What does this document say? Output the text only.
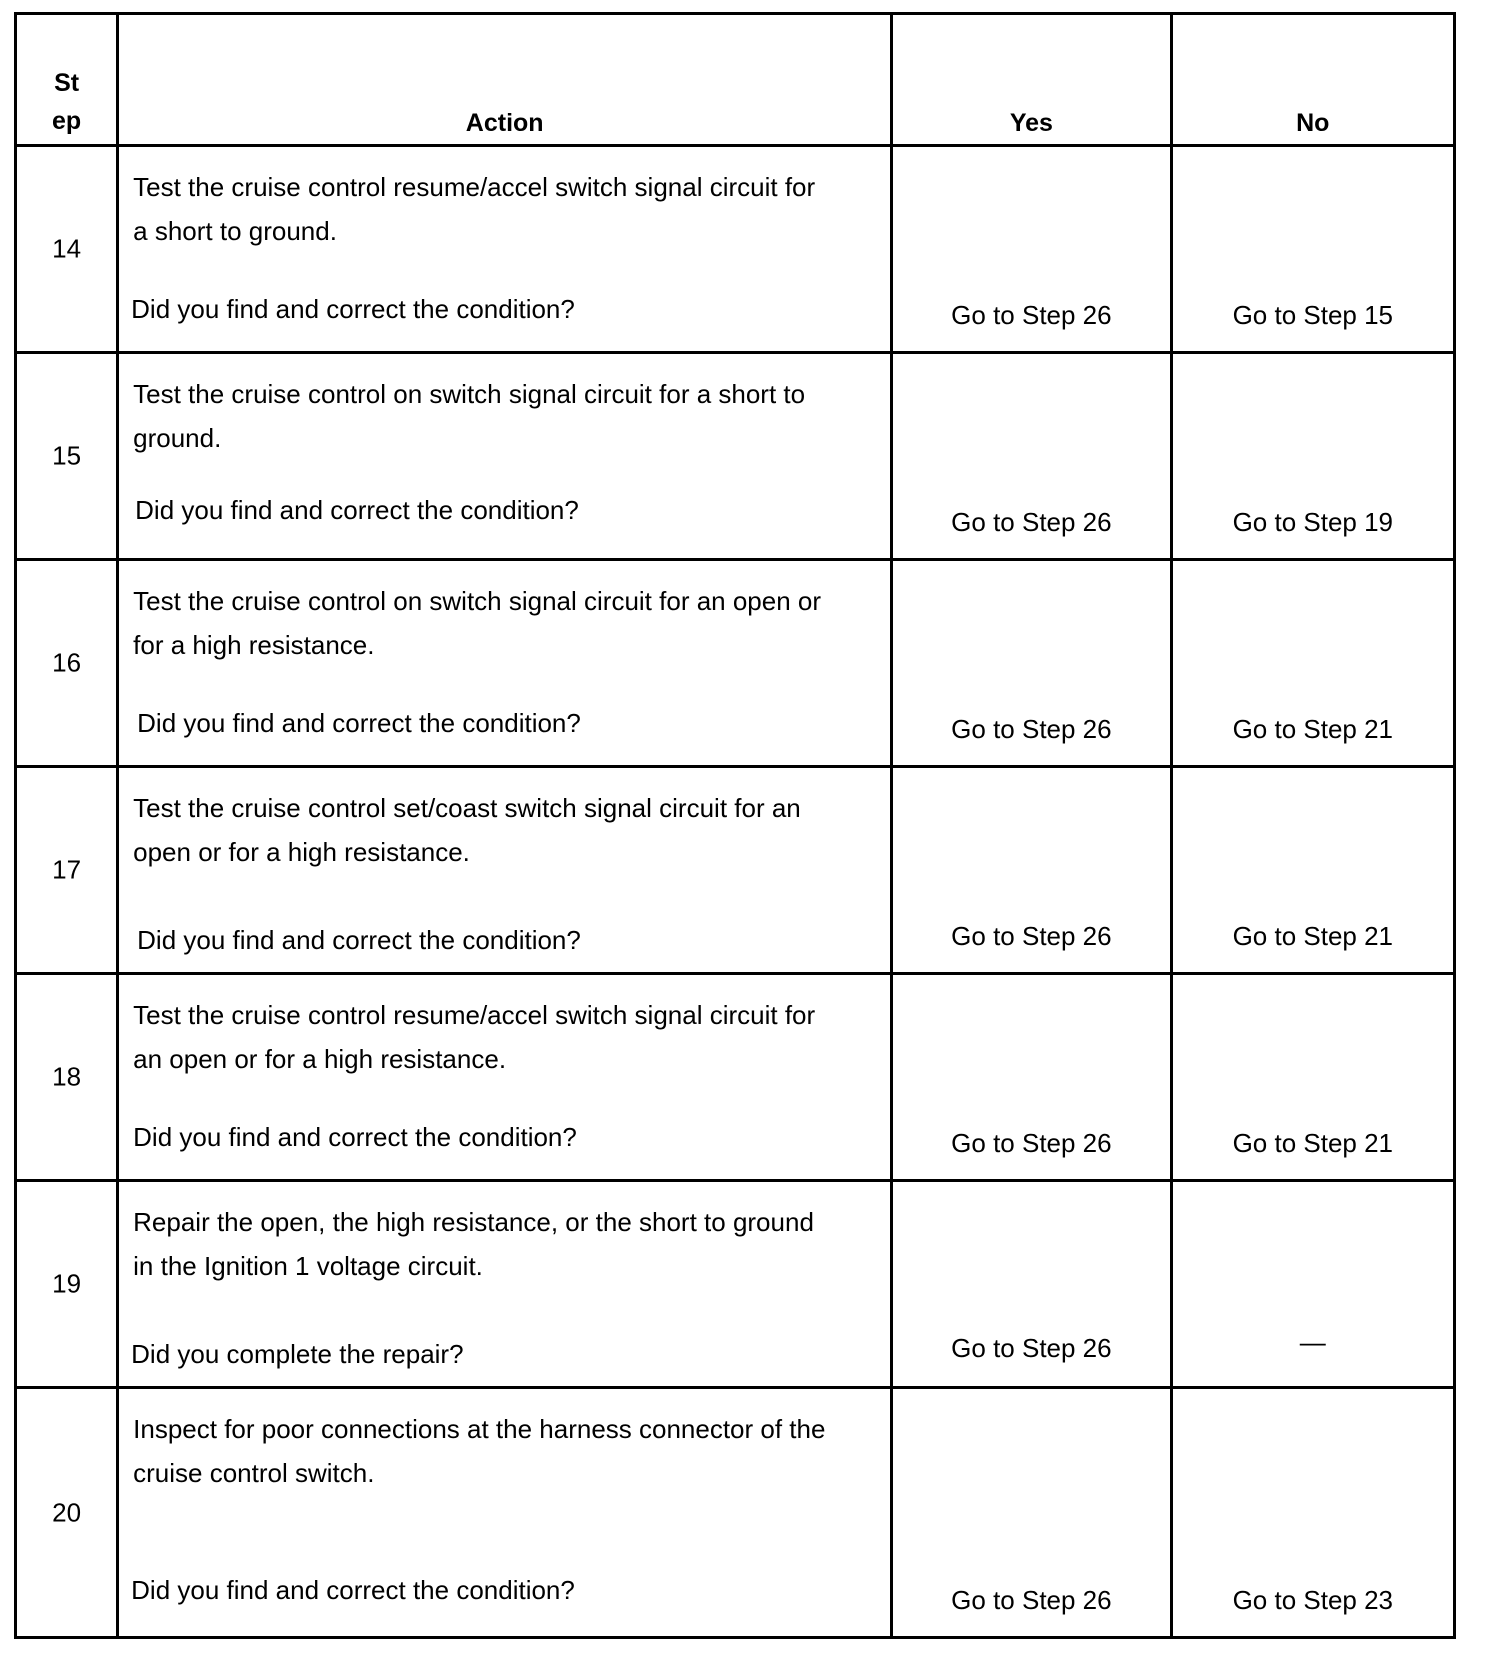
St ep	Action	Yes	No

14	Test the cruise control resume/accel switch signal circuit for a short to ground.
Did you find and correct the condition?	Go to Step 26	Go to Step 15

15	Test the cruise control on switch signal circuit for a short to ground.
Did you find and correct the condition?	Go to Step 26	Go to Step 19

16	Test the cruise control on switch signal circuit for an open or for a high resistance.
Did you find and correct the condition?	Go to Step 26	Go to Step 21

17	Test the cruise control set/coast switch signal circuit for an open or for a high resistance.
Did you find and correct the condition?	Go to Step 26	Go to Step 21

18	Test the cruise control resume/accel switch signal circuit for an open or for a high resistance.
Did you find and correct the condition?	Go to Step 26	Go to Step 21

19	Repair the open, the high resistance, or the short to ground in the Ignition 1 voltage circuit.
Did you complete the repair?	Go to Step 26	—

20	Inspect for poor connections at the harness connector of the cruise control switch.
Did you find and correct the condition?	Go to Step 26	Go to Step 23
